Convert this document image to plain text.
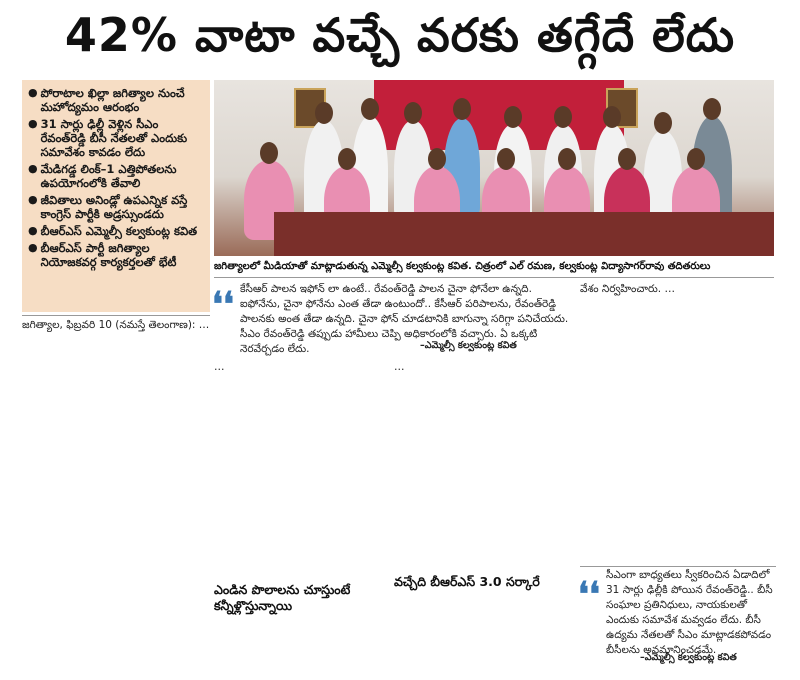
42% వాటా వచ్చే వరకు తగ్గేదే లేదు
● పోరాటాల ఖిల్లా జగిత్యాల నుంచే మహోద్యమం ఆరంభం
● 31 సార్లు ఢిల్లీ వెళ్లిన సీఎం రేవంత్‌రెడ్డి బీసీ నేతలతో ఎందుకు సమావేశం కావడం లేదు
● మేడిగడ్డ లింక్–1 ఎత్తిపోతలను ఉపయోగంలోకి తేవాలి
● జీవితాలు అనిండ్లో ఉపఎన్నిక వస్తే కాంగ్రెస్ పార్టీకి అడ్రస్సుండదు
● బీఆర్ఎస్ ఎమ్మెల్సీ కల్వకుంట్ల కవిత
● బీఆర్ఎస్ పార్టీ జగిత్యాల నియోజకవర్గ కార్యకర్తలతో భేటీ	జగిత్యాలలో మీడియాతో మాట్లాడుతున్న ఎమ్మెల్సీ కల్వకుంట్ల కవిత. చిత్రంలో ఎల్ రమణ, కల్వకుంట్ల విద్యాసాగర్‌రావు తదితరులు
❛❛ కేసీఆర్ పాలన ఇఫోన్ లా ఉంటే.. రేవంత్‌రెడ్డి పాలన చైనా ఫోనేలా ఉన్నది. ఐఫోనేను, చైనా ఫోనేను ఎంత తేడా ఉంటుందో.. కేసీఆర్ పరిపాలను, రేవంత్‌రెడ్డి పాలనకు అంత తేడా ఉన్నది. చైనా ఫోన్ చూడటానికి బాగున్నా సరిగ్గా పనిచేయదు. సీఎం రేవంత్‌రెడ్డి తప్పుడు హామీలు చెప్పి అధికారంలోకి వచ్చారు. ఏ ఒక్కటి నెరవేర్చడం లేదు.	–ఎమ్మెల్సీ కల్వకుంట్ల కవిత
జగిత్యాల, ఫిబ్రవరి 10 (నమస్తే తెలంగాణ): …
…	…
వేశం నిర్వహించారు. …
ఎండిన పొలాలను చూస్తుంటే కన్నీళ్లొస్తున్నాయి
వచ్చేది బీఆర్ఎస్ 3.0 సర్కారే	❛❛ సీఎంగా బాధ్యతలు స్వీకరించిన ఏడాదిలో 31 సార్లు ఢిల్లీకి పోయిన రేవంత్‌రెడ్డి.. బీసీ సంఘాల ప్రతినిధులు, నాయకులతో ఎందుకు సమావేశ మవ్వడం లేదు. బీసీ ఉద్యమ నేతలతో సీఎం మాట్లాడకపోవడం బీసీలను అవమానించడమే.
–ఎమ్మెల్సీ కల్వకుంట్ల కవిత
